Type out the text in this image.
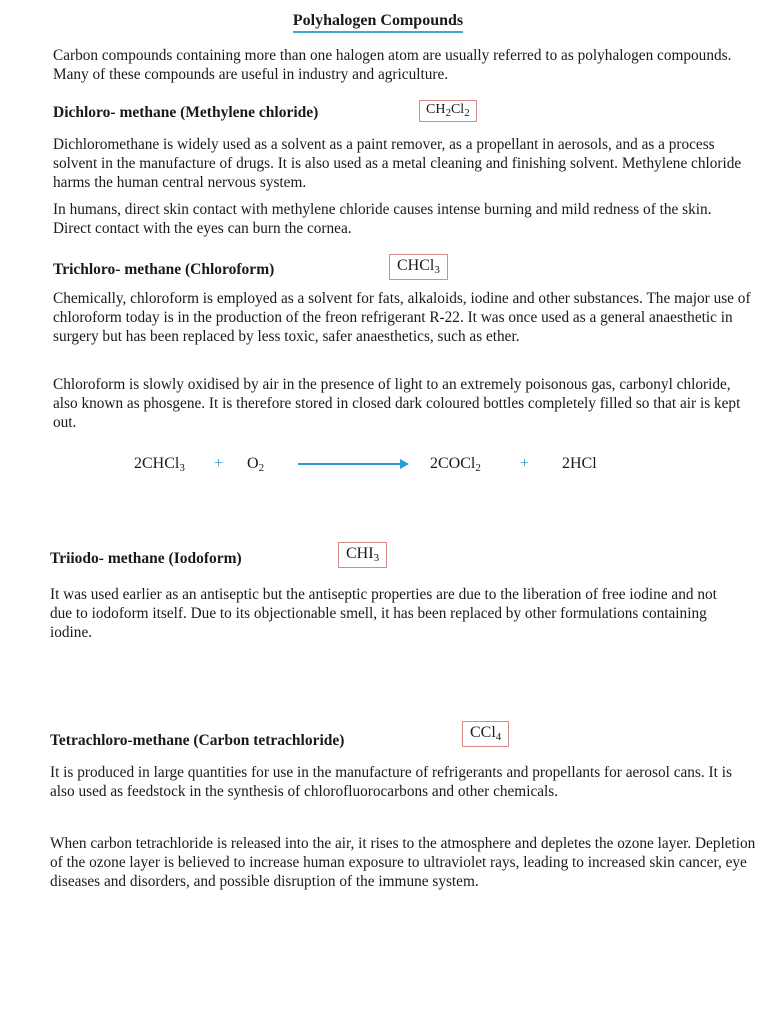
Polyhalogen Compounds
Carbon compounds containing more than one halogen atom are usually referred to as polyhalogen compounds. Many of these compounds are useful in industry and agriculture.
Dichloro- methane (Methylene chloride)	$CH_2Cl_2$
Dichloromethane is widely used as a solvent as a paint remover, as a propellant in aerosols, and as a process solvent in the manufacture of drugs. It is also used as a metal cleaning and finishing solvent. Methylene chloride harms the human central nervous system.
In humans, direct skin contact with methylene chloride causes intense burning and mild redness of the skin. Direct contact with the eyes can burn the cornea.
Trichloro- methane (Chloroform)	CHCl$_3$
Chemically, chloroform is employed as a solvent for fats, alkaloids, iodine and other substances. The major use of chloroform today is in the production of the freon refrigerant R-22. It was once used as a general anaesthetic in surgery but has been replaced by less toxic, safer anaesthetics, such as ether.
Chloroform is slowly oxidised by air in the presence of light to an extremely poisonous gas, carbonyl chloride, also known as phosgene. It is therefore stored in closed dark coloured bottles completely filled so that air is kept out.
2CHCl$_3$ + $O_2$	2COCl$_2$ + 2HCl
Triiodo- methane (Iodoform)	$CHI_3$
It was used earlier as an antiseptic but the antiseptic properties are due to the liberation of free iodine and not due to iodoform itself. Due to its objectionable smell, it has been replaced by other formulations containing iodine.
Tetrachloro-methane (Carbon tetrachloride)	CCl$_4$
It is produced in large quantities for use in the manufacture of refrigerants and propellants for aerosol cans. It is also used as feedstock in the synthesis of chlorofluorocarbons and other chemicals.
When carbon tetrachloride is released into the air, it rises to the atmosphere and depletes the ozone layer. Depletion of the ozone layer is believed to increase human exposure to ultraviolet rays, leading to increased skin cancer, eye diseases and disorders, and possible disruption of the immune system.
